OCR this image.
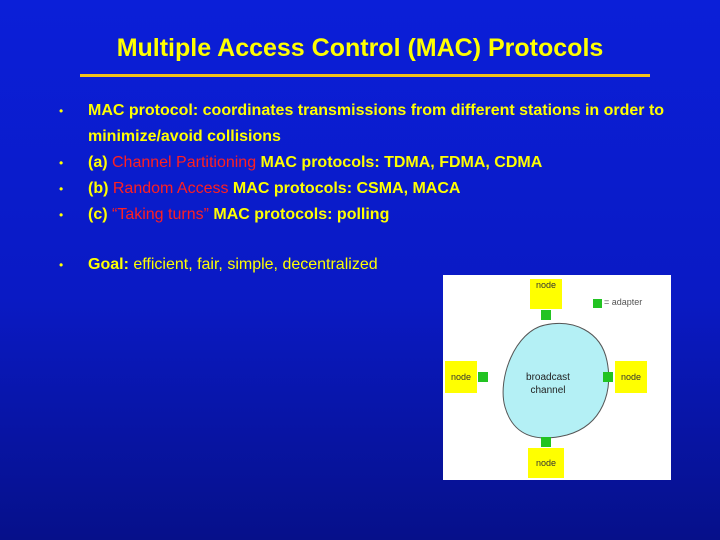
Multiple Access Control (MAC) Protocols
• MAC protocol: coordinates transmissions from different stations in order to minimize/avoid collisions
• (a) Channel Partitioning MAC protocols: TDMA, FDMA, CDMA
• (b) Random Access MAC protocols: CSMA, MACA
• (c) “Taking turns” MAC protocols: polling
• Goal: efficient, fair, simple, decentralized
= adapter
node
node	node
node
broadcast
channel
